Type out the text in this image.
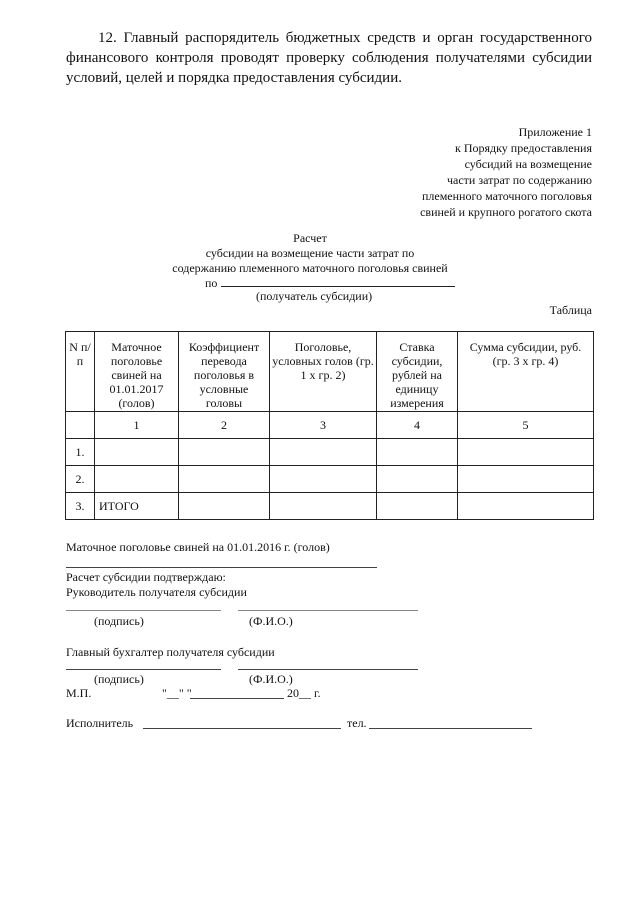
12. Главный распорядитель бюджетных средств и орган государственного финансового контроля проводят проверку соблюдения получателями субсидии условий, целей и порядка предоставления субсидии.
Приложение 1
к Порядку предоставления
субсидий на возмещение
части затрат по содержанию
племенного маточного поголовья
свиней и крупного рогатого скота
Расчет
субсидии на возмещение части затрат по
содержанию племенного маточного поголовья свиней
по
(получатель субсидии)
Таблица
N п/п	Маточное поголовье свиней на 01.01.2017 (голов)	Коэффициент перевода поголовья в условные головы	Поголовье, условных голов (гр. 1 x гр. 2)	Ставка субсидии, рублей на единицу измерения	Сумма субсидии, руб. (гр. 3 x гр. 4)
	1	2	3	4	5
1.					
2.					
3.	ИТОГО				
Маточное поголовье свиней на 01.01.2016 г. (голов)
Расчет субсидии подтверждаю:
Руководитель получателя субсидии
(подпись)	(Ф.И.О.)
Главный бухгалтер получателя субсидии
(подпись)	(Ф.И.О.)
М.П.	"__" "	20__ г.
Исполнитель	тел.
